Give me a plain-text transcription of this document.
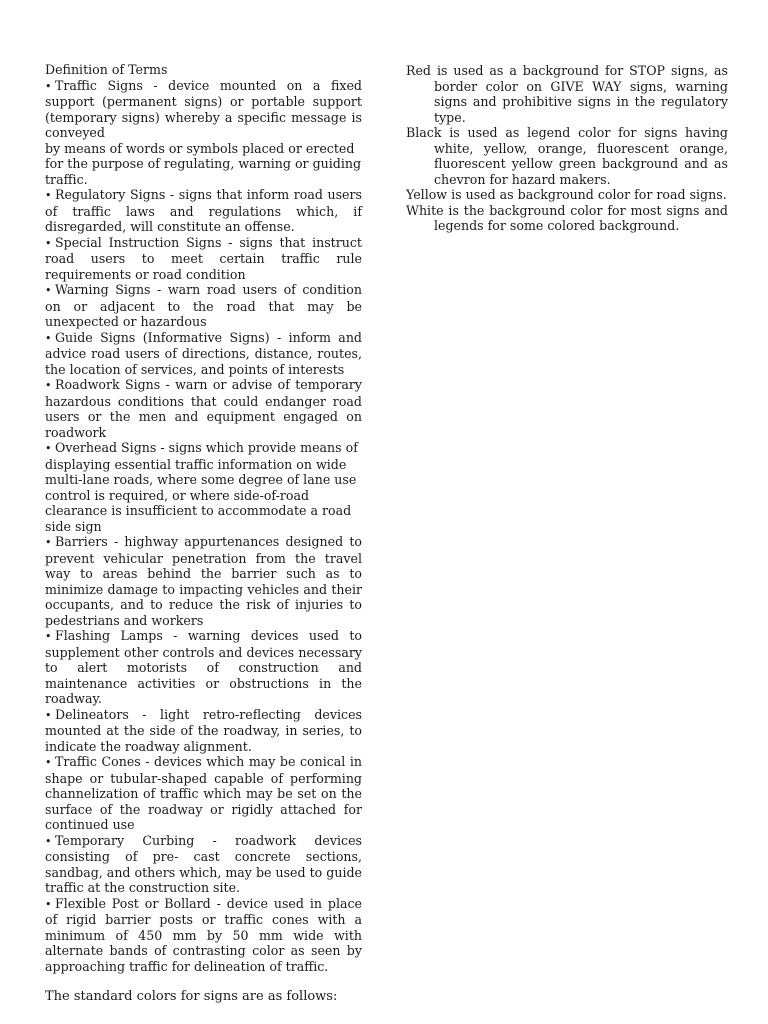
Definition of Terms

• Traffic Signs - device mounted on a fixed support (permanent signs) or portable support (temporary signs) whereby a specific message is conveyed

by means of words or symbols placed or erected for the purpose of regulating, warning or guiding traffic.

• Regulatory Signs - signs that inform road users of traffic laws and regulations which, if disregarded, will constitute an offense.

• Special Instruction Signs - signs that instruct road users to meet certain traffic rule requirements or road condition

• Warning Signs - warn road users of condition on or adjacent to the road that may be unexpected or hazardous

• Guide Signs (Informative Signs) - inform and advice road users of directions, distance, routes, the location of services, and points of interests

• Roadwork Signs - warn or advise of temporary hazardous conditions that could endanger road users or the men and equipment engaged on roadwork

• Overhead Signs - signs which provide means of displaying essential traffic information on wide multi-lane roads, where some degree of lane use control is required, or where side-of-road clearance is insufficient to accommodate a road side sign

• Barriers - highway appurtenances designed to prevent vehicular penetration from the travel way to areas behind the barrier such as to minimize damage to impacting vehicles and their occupants, and to reduce the risk of injuries to pedestrians and workers

• Flashing Lamps - warning devices used to supplement other controls and devices necessary to alert motorists of construction and maintenance activities or obstructions in the roadway.

• Delineators - light retro-reflecting devices mounted at the side of the roadway, in series, to indicate the roadway alignment.

• Traffic Cones - devices which may be conical in shape or tubular-shaped capable of performing channelization of traffic which may be set on the surface of the roadway or rigidly attached for continued use

• Temporary Curbing - roadwork devices consisting of pre- cast concrete sections, sandbag, and others which, may be used to guide traffic at the construction site.

• Flexible Post or Bollard - device used in place of rigid barrier posts or traffic cones with a minimum of 450 mm by 50 mm wide with alternate bands of contrasting color as seen by approaching traffic for delineation of traffic.

The standard colors for signs are as follows:

Red is used as a background for STOP signs, as border color on GIVE WAY signs, warning signs and prohibitive signs in the regulatory type.

Black is used as legend color for signs having white, yellow, orange, fluorescent orange, fluorescent yellow green background and as chevron for hazard makers.

Yellow is used as background color for road signs.

White is the background color for most signs and legends for some colored background.
